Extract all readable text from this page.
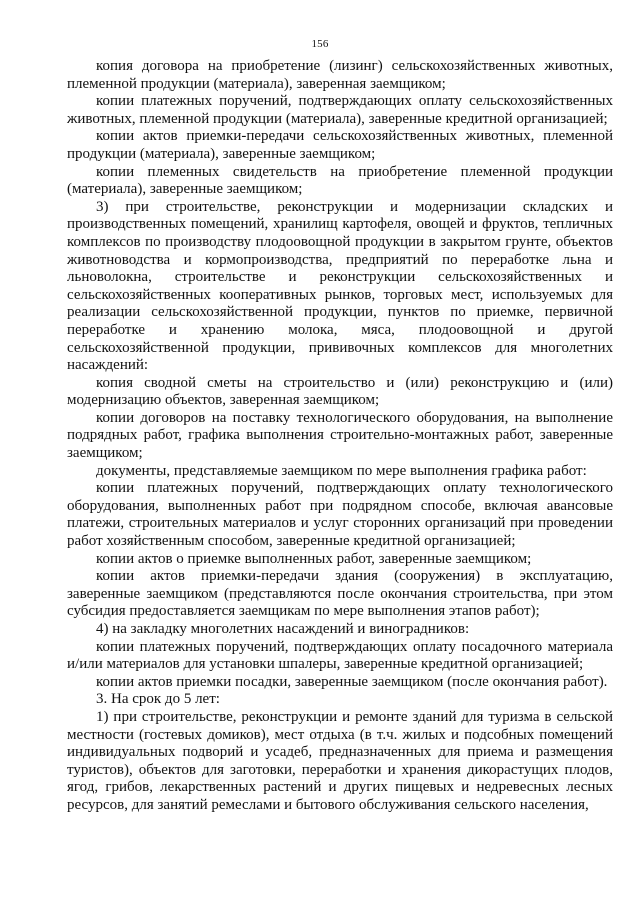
156

копия договора на приобретение (лизинг) сельскохозяйственных животных, племенной продукции (материала), заверенная заемщиком;

копии платежных поручений, подтверждающих оплату сельскохозяйственных животных, племенной продукции (материала), заверенные кредитной организацией;

копии актов приемки-передачи сельскохозяйственных животных, племенной продукции (материала), заверенные заемщиком;

копии племенных свидетельств на приобретение племенной продукции (материала), заверенные заемщиком;

3) при строительстве, реконструкции и модернизации складских и производственных помещений, хранилищ картофеля, овощей и фруктов, тепличных комплексов по производству плодоовощной продукции в закрытом грунте, объектов животноводства и кормопроизводства, предприятий по переработке льна и льноволокна, строительстве и реконструкции сельскохозяйственных и сельскохозяйственных кооперативных рынков, торговых мест, используемых для реализации сельскохозяйственной продукции, пунктов по приемке, первичной переработке и хранению молока, мяса, плодоовощной и другой сельскохозяйственной продукции, прививочных комплексов для многолетних насаждений:

копия сводной сметы на строительство и (или) реконструкцию и (или) модернизацию объектов, заверенная заемщиком;

копии договоров на поставку технологического оборудования, на выполнение подрядных работ, графика выполнения строительно-монтажных работ, заверенные заемщиком;

документы, представляемые заемщиком по мере выполнения графика работ:

копии платежных поручений, подтверждающих оплату технологического оборудования, выполненных работ при подрядном способе, включая авансовые платежи, строительных материалов и услуг сторонних организаций при проведении работ хозяйственным способом, заверенные кредитной организацией;

копии актов о приемке выполненных работ, заверенные заемщиком;

копии актов приемки-передачи здания (сооружения) в эксплуатацию, заверенные заемщиком (представляются после окончания строительства, при этом субсидия предоставляется заемщикам по мере выполнения этапов работ);

4) на закладку многолетних насаждений и виноградников:

копии платежных поручений, подтверждающих оплату посадочного материала и/или материалов для установки шпалеры, заверенные кредитной организацией;

копии актов приемки посадки, заверенные заемщиком (после окончания работ).

3. На срок до 5 лет:

1) при строительстве, реконструкции и ремонте зданий для туризма в сельской местности (гостевых домиков), мест отдыха (в т.ч. жилых и подсобных помещений индивидуальных подворий и усадеб, предназначенных для приема и размещения туристов), объектов для заготовки, переработки и хранения дикорастущих плодов, ягод, грибов, лекарственных растений и других пищевых и недревесных лесных ресурсов, для занятий ремеслами и бытового обслуживания сельского населения,
